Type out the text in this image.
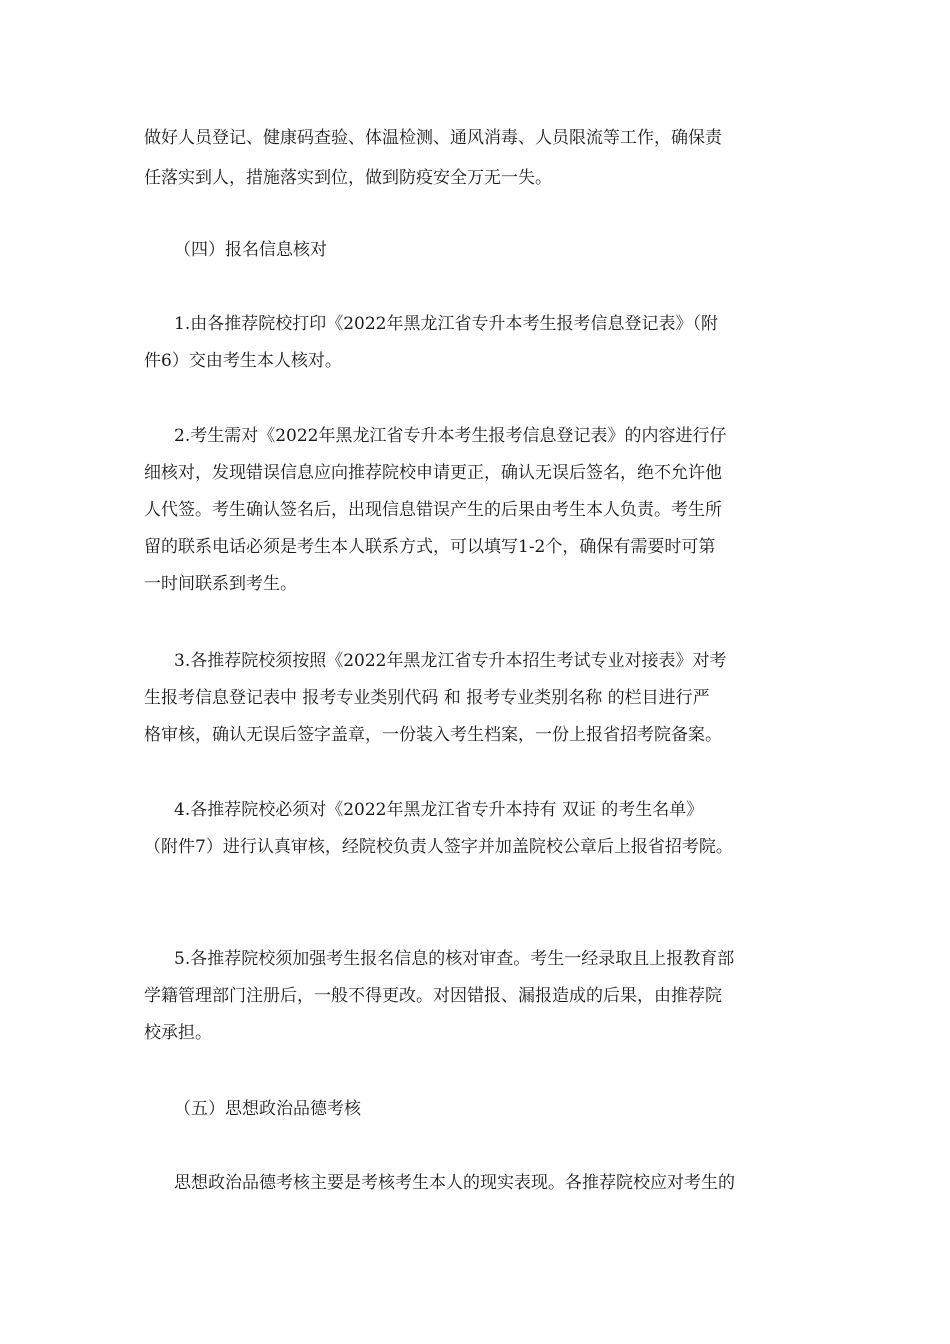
做好人员登记、健康码查验、体温检测、通风消毒、人员限流等工作，确保责
任落实到人，措施落实到位，做到防疫安全万无一失。
（四）报名信息核对
1.由各推荐院校打印《2022年黑龙江省专升本考生报考信息登记表》（附
件6）交由考生本人核对。
2.考生需对《2022年黑龙江省专升本考生报考信息登记表》的内容进行仔
细核对，发现错误信息应向推荐院校申请更正，确认无误后签名，绝不允许他
人代签。考生确认签名后，出现信息错误产生的后果由考生本人负责。考生所
留的联系电话必须是考生本人联系方式，可以填写1-2个，确保有需要时可第
一时间联系到考生。
3.各推荐院校须按照《2022年黑龙江省专升本招生考试专业对接表》对考
生报考信息登记表中 报考专业类别代码 和 报考专业类别名称 的栏目进行严
格审核，确认无误后签字盖章，一份装入考生档案，一份上报省招考院备案。
4.各推荐院校必须对《2022年黑龙江省专升本持有 双证 的考生名单》
（附件7）进行认真审核，经院校负责人签字并加盖院校公章后上报省招考院。
5.各推荐院校须加强考生报名信息的核对审查。考生一经录取且上报教育部
学籍管理部门注册后，一般不得更改。对因错报、漏报造成的后果，由推荐院
校承担。
（五）思想政治品德考核
思想政治品德考核主要是考核考生本人的现实表现。各推荐院校应对考生的
